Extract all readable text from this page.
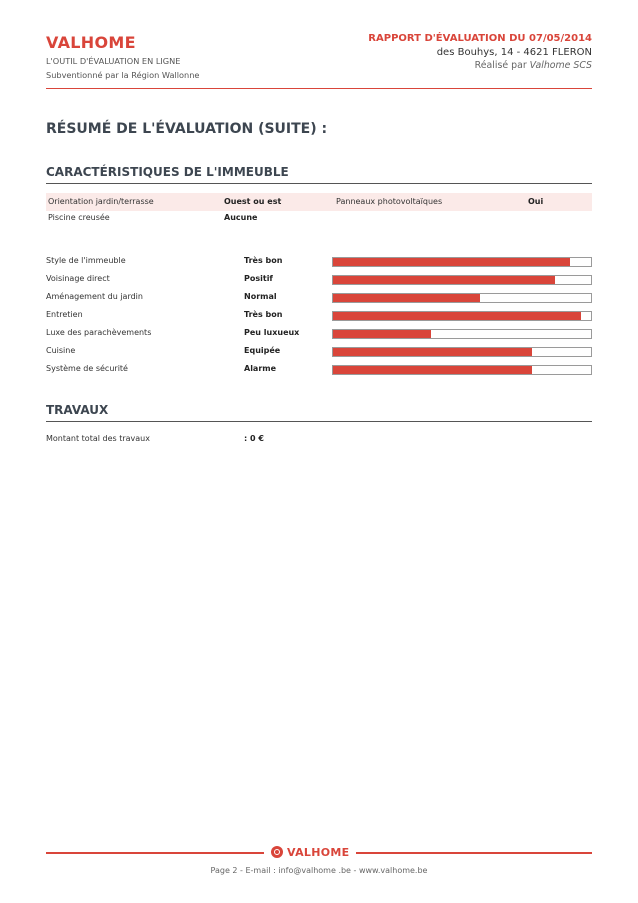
VALHOME
L'OUTIL D'ÉVALUATION EN LIGNE
Subventionné par la Région Wallonne
RAPPORT D'ÉVALUATION DU 07/05/2014
des Bouhys, 14 - 4621 FLERON
Réalisé par Valhome SCS
RÉSUMÉ DE L'ÉVALUATION (SUITE) :
CARACTÉRISTIQUES DE L'IMMEUBLE
Orientation jardin/terrasse	Ouest ou est	Panneaux photovoltaïques	Oui
Piscine creusée	Aucune
Style de l'immeuble	Très bon
Voisinage direct	Positif
Aménagement du jardin	Normal
Entretien	Très bon
Luxe des parachèvements	Peu luxueux
Cuisine	Equipée
Système de sécurité	Alarme
TRAVAUX
Montant total des travaux	: 0 €
VALHOME
Page 2 - E-mail : info@valhome .be - www.valhome.be
